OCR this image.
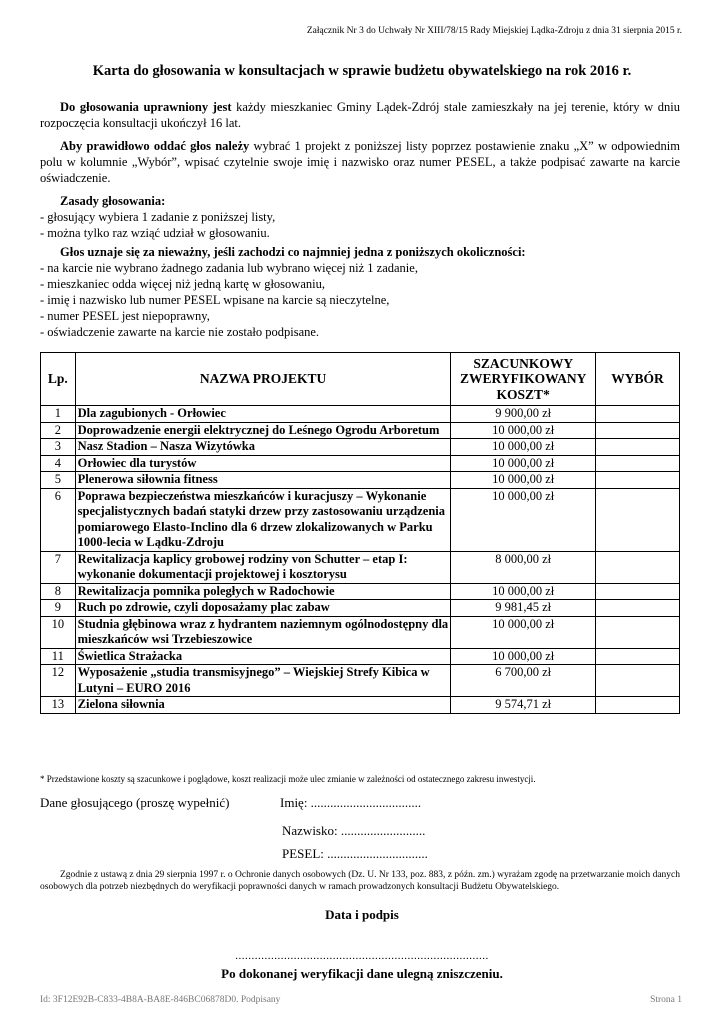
Załącznik Nr 3 do Uchwały Nr XIII/78/15 Rady Miejskiej Lądka-Zdroju z dnia 31 sierpnia 2015 r.
Karta do głosowania w konsultacjach w sprawie budżetu obywatelskiego na rok 2016 r.
Do głosowania uprawniony jest każdy mieszkaniec Gminy Lądek-Zdrój stale zamieszkały na jej terenie, który w dniu rozpoczęcia konsultacji ukończył 16 lat.
Aby prawidłowo oddać głos należy wybrać 1 projekt z poniższej listy poprzez postawienie znaku „X” w odpowiednim polu w kolumnie „Wybór”, wpisać czytelnie swoje imię i nazwisko oraz numer PESEL, a także podpisać zawarte na karcie oświadczenie.
Zasady głosowania:
- głosujący wybiera 1 zadanie z poniższej listy,
- można tylko raz wziąć udział w głosowaniu.
Głos uznaje się za nieważny, jeśli zachodzi co najmniej jedna z poniższych okoliczności:
- na karcie nie wybrano żadnego zadania lub wybrano więcej niż 1 zadanie,
- mieszkaniec odda więcej niż jedną kartę w głosowaniu,
- imię i nazwisko lub numer PESEL wpisane na karcie są nieczytelne,
- numer PESEL jest niepoprawny,
- oświadczenie zawarte na karcie nie zostało podpisane.
Lp.	NAZWA PROJEKTU	SZACUNKOWY
ZWERYFIKOWANY
KOSZT*	WYBÓR
1	Dla zagubionych - Orłowiec	9 900,00 zł	
2	Doprowadzenie energii elektrycznej do Leśnego Ogrodu Arboretum	10 000,00 zł	
3	Nasz Stadion – Nasza Wizytówka	10 000,00 zł	
4	Orłowiec dla turystów	10 000,00 zł	
5	Plenerowa siłownia fitness	10 000,00 zł	
6	Poprawa bezpieczeństwa mieszkańców i kuracjuszy – Wykonanie specjalistycznych badań statyki drzew przy zastosowaniu urządzenia pomiarowego Elasto-Inclino dla 6 drzew zlokalizowanych w Parku 1000-lecia w Lądku-Zdroju	10 000,00 zł	
7	Rewitalizacja kaplicy grobowej rodziny von Schutter – etap I: wykonanie dokumentacji projektowej i kosztorysu	8 000,00 zł	
8	Rewitalizacja pomnika poległych w Radochowie	10 000,00 zł	
9	Ruch po zdrowie, czyli doposażamy plac zabaw	9 981,45 zł	
10	Studnia głębinowa wraz z hydrantem naziemnym ogólnodostępny dla mieszkańców wsi Trzebieszowice	10 000,00 zł	
11	Świetlica Strażacka	10 000,00 zł	
12	Wyposażenie „studia transmisyjnego” – Wiejskiej Strefy Kibica w Lutyni – EURO 2016	6 700,00 zł	
13	Zielona siłownia	9 574,71 zł	
* Przedstawione koszty są szacunkowe i poglądowe, koszt realizacji może ulec zmianie w zależności od ostatecznego zakresu inwestycji.
Dane głosującego (proszę wypełnić)	Imię: ..................................
Nazwisko: ..........................
PESEL: ...............................
Zgodnie z ustawą z dnia 29 sierpnia 1997 r. o Ochronie danych osobowych (Dz. U. Nr 133, poz. 883, z późn. zm.) wyrażam zgodę na przetwarzanie moich danych osobowych dla potrzeb niezbędnych do weryfikacji poprawności danych w ramach prowadzonych konsultacji Budżetu Obywatelskiego.
Data i podpis
..............................................................................
Po dokonanej weryfikacji dane ulegną zniszczeniu.
Id: 3F12E92B-C833-4B8A-BA8E-846BC06878D0. Podpisany	Strona 1
